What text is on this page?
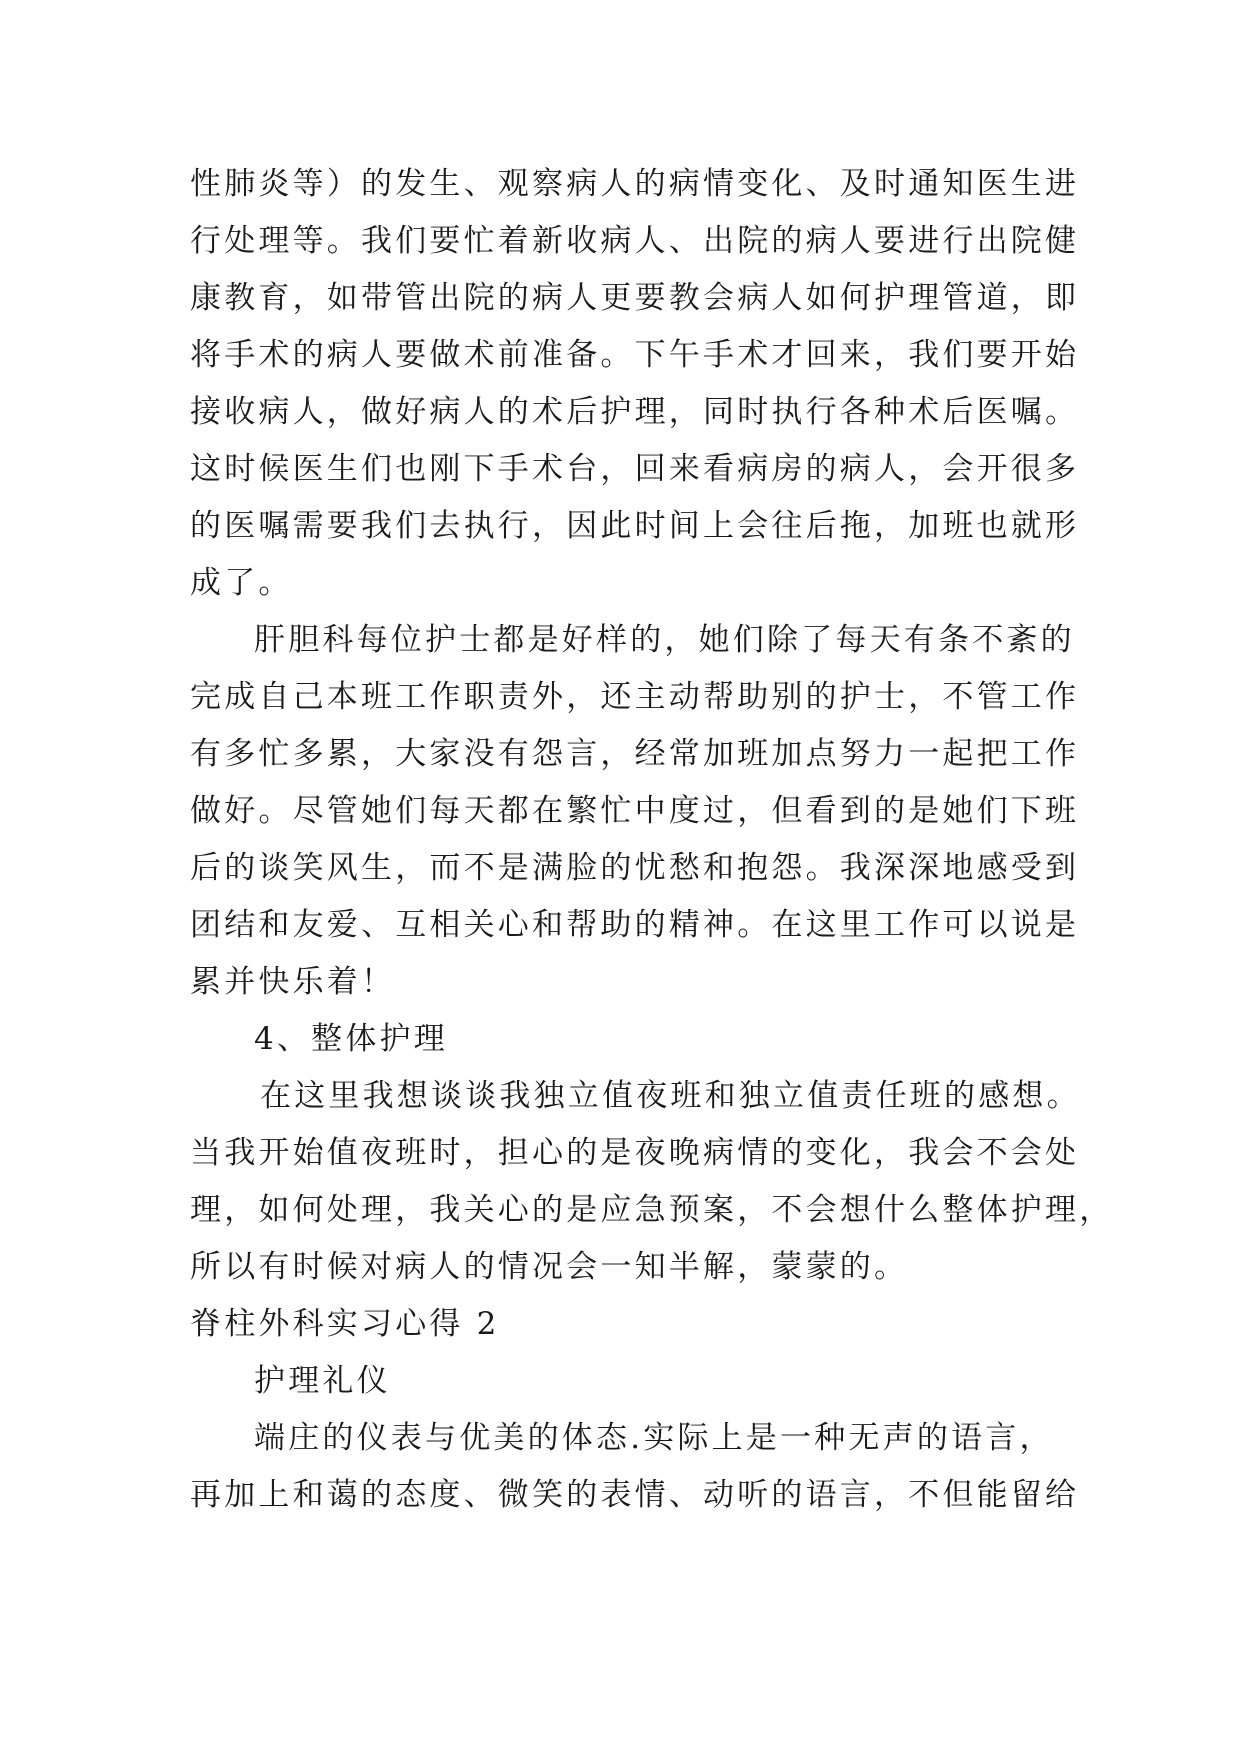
性肺炎等）的发生、观察病人的病情变化、及时通知医生进
行处理等。我们要忙着新收病人、出院的病人要进行出院健
康教育，如带管出院的病人更要教会病人如何护理管道，即
将手术的病人要做术前准备。下午手术才回来，我们要开始
接收病人，做好病人的术后护理，同时执行各种术后医嘱。
这时候医生们也刚下手术台，回来看病房的病人，会开很多
的医嘱需要我们去执行，因此时间上会往后拖，加班也就形
成了。
肝胆科每位护士都是好样的，她们除了每天有条不紊的
完成自己本班工作职责外，还主动帮助别的护士，不管工作
有多忙多累，大家没有怨言，经常加班加点努力一起把工作
做好。尽管她们每天都在繁忙中度过，但看到的是她们下班
后的谈笑风生，而不是满脸的忧愁和抱怨。我深深地感受到
团结和友爱、互相关心和帮助的精神。在这里工作可以说是
累并快乐着！
4、整体护理
在这里我想谈谈我独立值夜班和独立值责任班的感想。
当我开始值夜班时，担心的是夜晚病情的变化，我会不会处
理，如何处理，我关心的是应急预案，不会想什么整体护理，
所以有时候对病人的情况会一知半解，蒙蒙的。
脊柱外科实习心得 2
护理礼仪
端庄的仪表与优美的体态.实际上是一种无声的语言，
再加上和蔼的态度、微笑的表情、动听的语言，不但能留给
